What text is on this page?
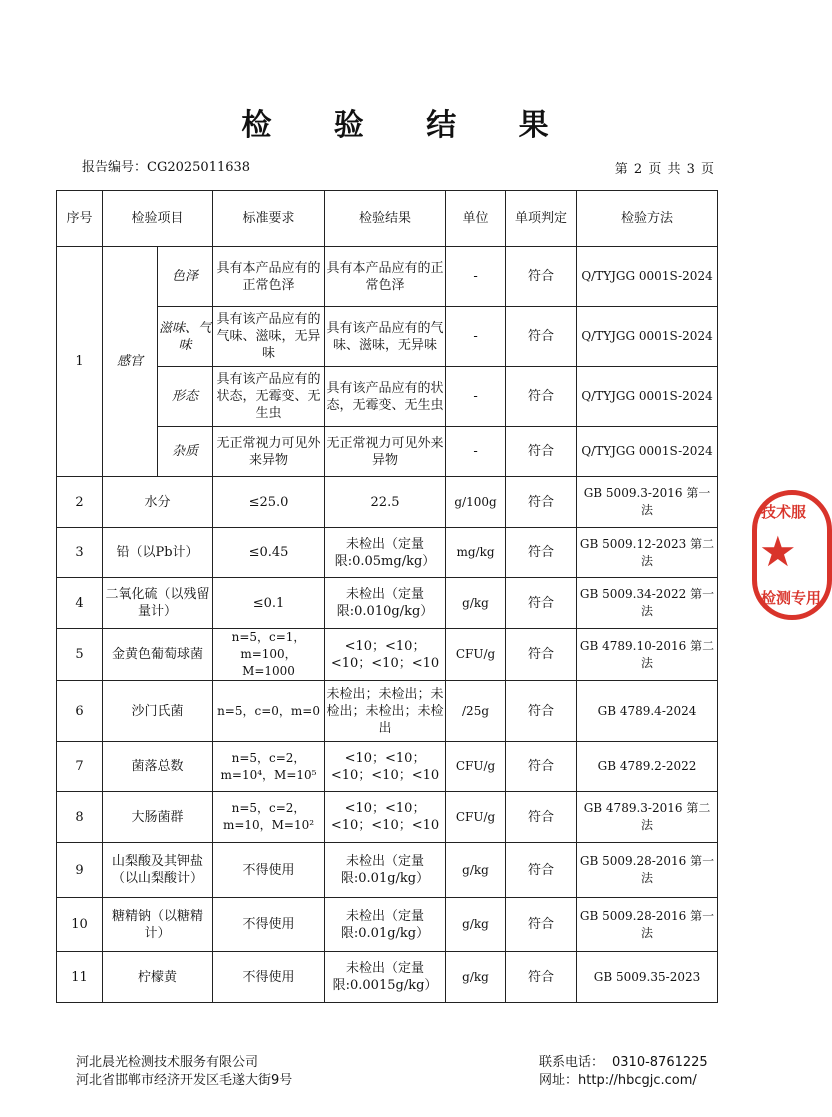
检 验 结 果
报告编号：CG2025011638	第 2 页 共 3 页
序号	检验项目		标准要求	检验结果	单位	单项判定	检验方法
1	感官	色泽	具有本产品应有的正常色泽	具有本产品应有的正常色泽	-	符合	Q/TYJGG 0001S-2024
		滋味、气味	具有该产品应有的气味、滋味，无异味	具有该产品应有的气味、滋味，无异味	-	符合	Q/TYJGG 0001S-2024
		形态	具有该产品应有的状态，无霉变、无生虫	具有该产品应有的状态，无霉变、无生虫	-	符合	Q/TYJGG 0001S-2024
		杂质	无正常视力可见外来异物	无正常视力可见外来异物	-	符合	Q/TYJGG 0001S-2024
2	水分		≤25.0	22.5	g/100g	符合	GB 5009.3-2016 第一法
3	铅（以Pb计）		≤0.45	未检出（定量限:0.05mg/kg）	mg/kg	符合	GB 5009.12-2023 第二法
4	二氧化硫（以残留量计）		≤0.1	未检出（定量限:0.010g/kg）	g/kg	符合	GB 5009.34-2022 第一法
5	金黄色葡萄球菌		n=5，c=1，m=100，M=1000	<10；<10；<10；<10；<10	CFU/g	符合	GB 4789.10-2016 第二法
6	沙门氏菌		n=5，c=0，m=0	未检出；未检出；未检出；未检出；未检出	/25g	符合	GB 4789.4-2024
7	菌落总数		n=5，c=2，m=10⁴，M=10⁵	<10；<10；<10；<10；<10	CFU/g	符合	GB 4789.2-2022
8	大肠菌群		n=5，c=2，m=10，M=10²	<10；<10；<10；<10；<10	CFU/g	符合	GB 4789.3-2016 第二法
9	山梨酸及其钾盐（以山梨酸计）		不得使用	未检出（定量限:0.01g/kg）	g/kg	符合	GB 5009.28-2016 第一法
10	糖精钠（以糖精计）		不得使用	未检出（定量限:0.01g/kg）	g/kg	符合	GB 5009.28-2016 第一法
11	柠檬黄		不得使用	未检出（定量限:0.0015g/kg）	g/kg	符合	GB 5009.35-2023
技术服
★
检测专用
河北晨光检测技术服务有限公司
河北省邯郸市经济开发区毛遂大街9号
联系电话： 0310-8761225
网址：http://hbcgjc.com/
